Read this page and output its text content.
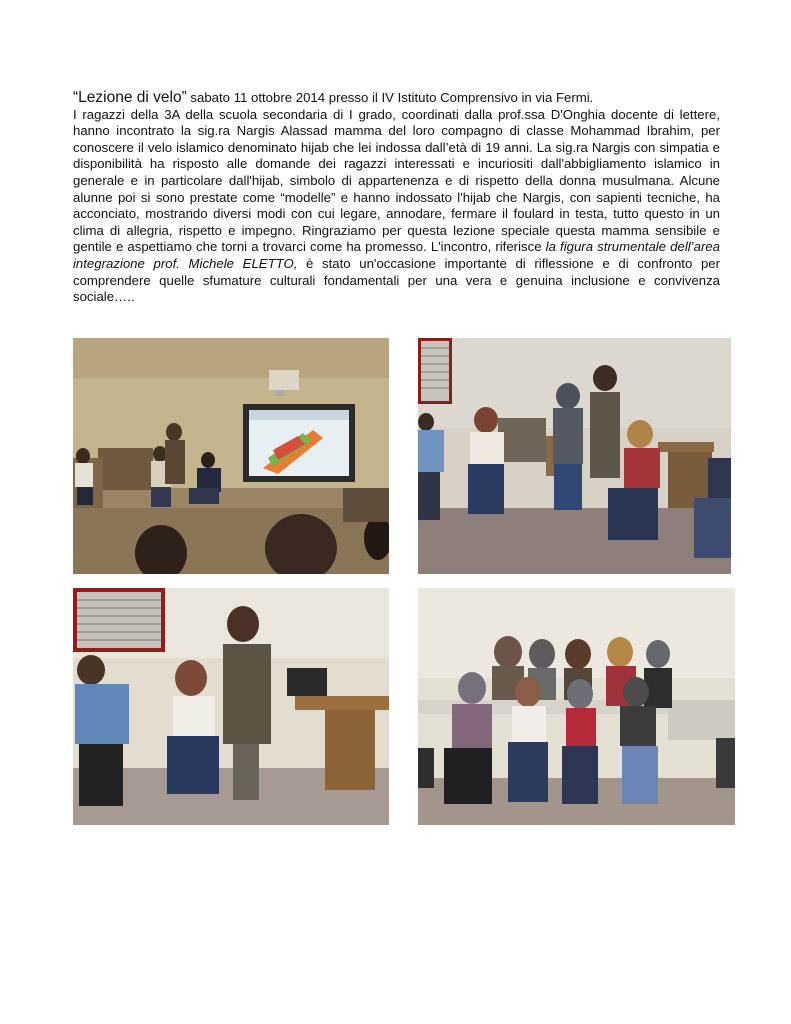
“Lezione di velo” sabato 11 ottobre 2014 presso il IV Istituto Comprensivo in via Fermi.

I ragazzi della 3A della scuola secondaria di I grado, coordinati dalla prof.ssa D'Onghia docente di lettere, hanno incontrato la sig.ra Nargis Alassad mamma del loro compagno di classe Mohammad Ibrahim, per conoscere il velo islamico denominato hijab che lei indossa dall’età di 19 anni. La sig.ra Nargis con simpatia e disponibilità ha risposto alle domande dei ragazzi interessati e incuriositi dall'abbigliamento islamico in generale e in particolare dall'hijab, simbolo di appartenenza e di rispetto della donna musulmana. Alcune alunne poi si sono prestate come “modelle” e hanno indossato l'hijab che Nargis, con sapienti tecniche, ha acconciato, mostrando diversi modi con cui legare, annodare, fermare il foulard in testa, tutto questo in un clima di allegria, rispetto e impegno. Ringraziamo per questa lezione speciale questa mamma sensibile e gentile e aspettiamo che torni a trovarci come ha promesso. L'incontro, riferisce la figura strumentale dell’area integrazione prof. Michele ELETTO, è stato un'occasione importante di riflessione e di confronto per comprendere quelle sfumature culturali fondamentali per una vera e genuina inclusione e convivenza sociale…..
